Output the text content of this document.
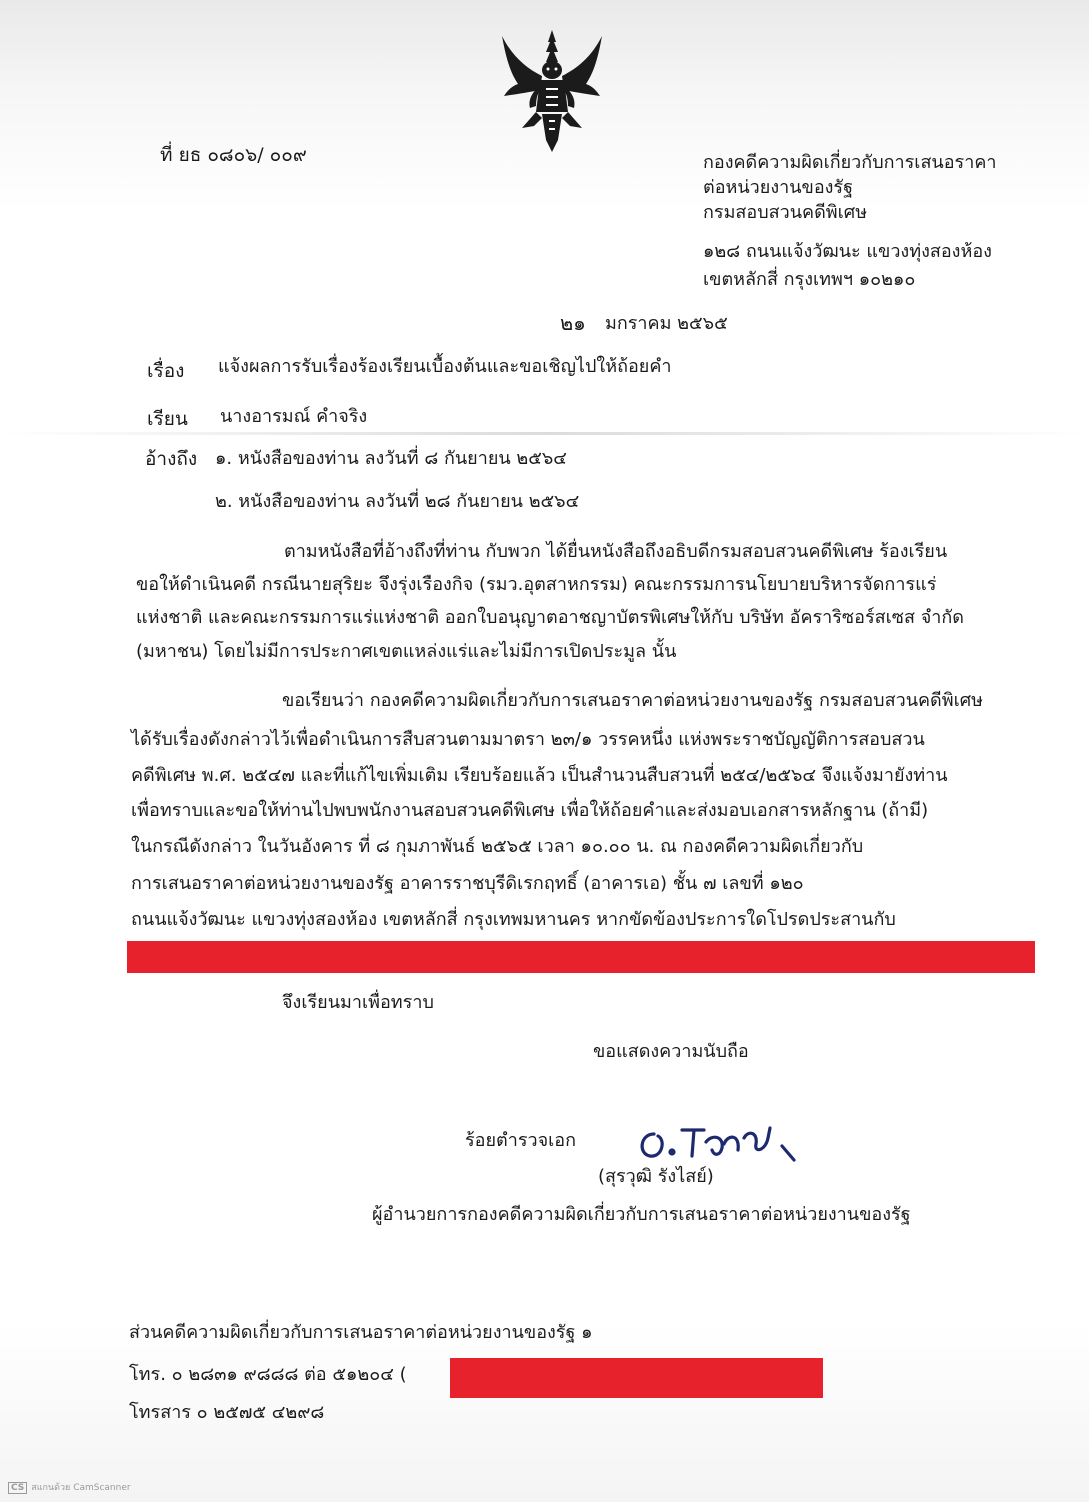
ที่ ยธ ๐๘๐๖/ ๐๐๙	กองคดีความผิดเกี่ยวกับการเสนอราคา
ต่อหน่วยงานของรัฐ
กรมสอบสวนคดีพิเศษ
๑๒๘ ถนนแจ้งวัฒนะ แขวงทุ่งสองห้อง
เขตหลักสี่ กรุงเทพฯ ๑๐๒๑๐
๒๑ มกราคม ๒๕๖๕
เรื่อง แจ้งผลการรับเรื่องร้องเรียนเบื้องต้นและขอเชิญไปให้ถ้อยคำ
เรียน นางอารมณ์ คำจริง
อ้างถึง ๑. หนังสือของท่าน ลงวันที่ ๘ กันยายน ๒๕๖๔
๒. หนังสือของท่าน ลงวันที่ ๒๘ กันยายน ๒๕๖๔
ตามหนังสือที่อ้างถึงที่ท่าน กับพวก ได้ยื่นหนังสือถึงอธิบดีกรมสอบสวนคดีพิเศษ ร้องเรียน
ขอให้ดำเนินคดี กรณีนายสุริยะ จึงรุ่งเรืองกิจ (รมว.อุตสาหกรรม) คณะกรรมการนโยบายบริหารจัดการแร่
แห่งชาติ และคณะกรรมการแร่แห่งชาติ ออกใบอนุญาตอาชญาบัตรพิเศษให้กับ บริษัท อัคราริซอร์สเซส จำกัด
(มหาชน) โดยไม่มีการประกาศเขตแหล่งแร่และไม่มีการเปิดประมูล นั้น
ขอเรียนว่า กองคดีความผิดเกี่ยวกับการเสนอราคาต่อหน่วยงานของรัฐ กรมสอบสวนคดีพิเศษ
ได้รับเรื่องดังกล่าวไว้เพื่อดำเนินการสืบสวนตามมาตรา ๒๓/๑ วรรคหนึ่ง แห่งพระราชบัญญัติการสอบสวน
คดีพิเศษ พ.ศ. ๒๕๔๗ และที่แก้ไขเพิ่มเติม เรียบร้อยแล้ว เป็นสำนวนสืบสวนที่ ๒๕๔/๒๕๖๔ จึงแจ้งมายังท่าน
เพื่อทราบและขอให้ท่านไปพบพนักงานสอบสวนคดีพิเศษ เพื่อให้ถ้อยคำและส่งมอบเอกสารหลักฐาน (ถ้ามี)
ในกรณีดังกล่าว ในวันอังคาร ที่ ๘ กุมภาพันธ์ ๒๕๖๕ เวลา ๑๐.๐๐ น. ณ กองคดีความผิดเกี่ยวกับ
การเสนอราคาต่อหน่วยงานของรัฐ อาคารราชบุรีดิเรกฤทธิ์ (อาคารเอ) ชั้น ๗ เลขที่ ๑๒๐
ถนนแจ้งวัฒนะ แขวงทุ่งสองห้อง เขตหลักสี่ กรุงเทพมหานคร หากขัดข้องประการใดโปรดประสานกับ
จึงเรียนมาเพื่อทราบ
ขอแสดงความนับถือ
ร้อยตำรวจเอก
(สุรวุฒิ รังไสย์)
ผู้อำนวยการกองคดีความผิดเกี่ยวกับการเสนอราคาต่อหน่วยงานของรัฐ
ส่วนคดีความผิดเกี่ยวกับการเสนอราคาต่อหน่วยงานของรัฐ ๑
โทร. ๐ ๒๘๓๑ ๙๘๘๘ ต่อ ๕๑๒๐๔ (
โทรสาร ๐ ๒๕๗๕ ๔๒๙๘
CS สแกนด้วย CamScanner
